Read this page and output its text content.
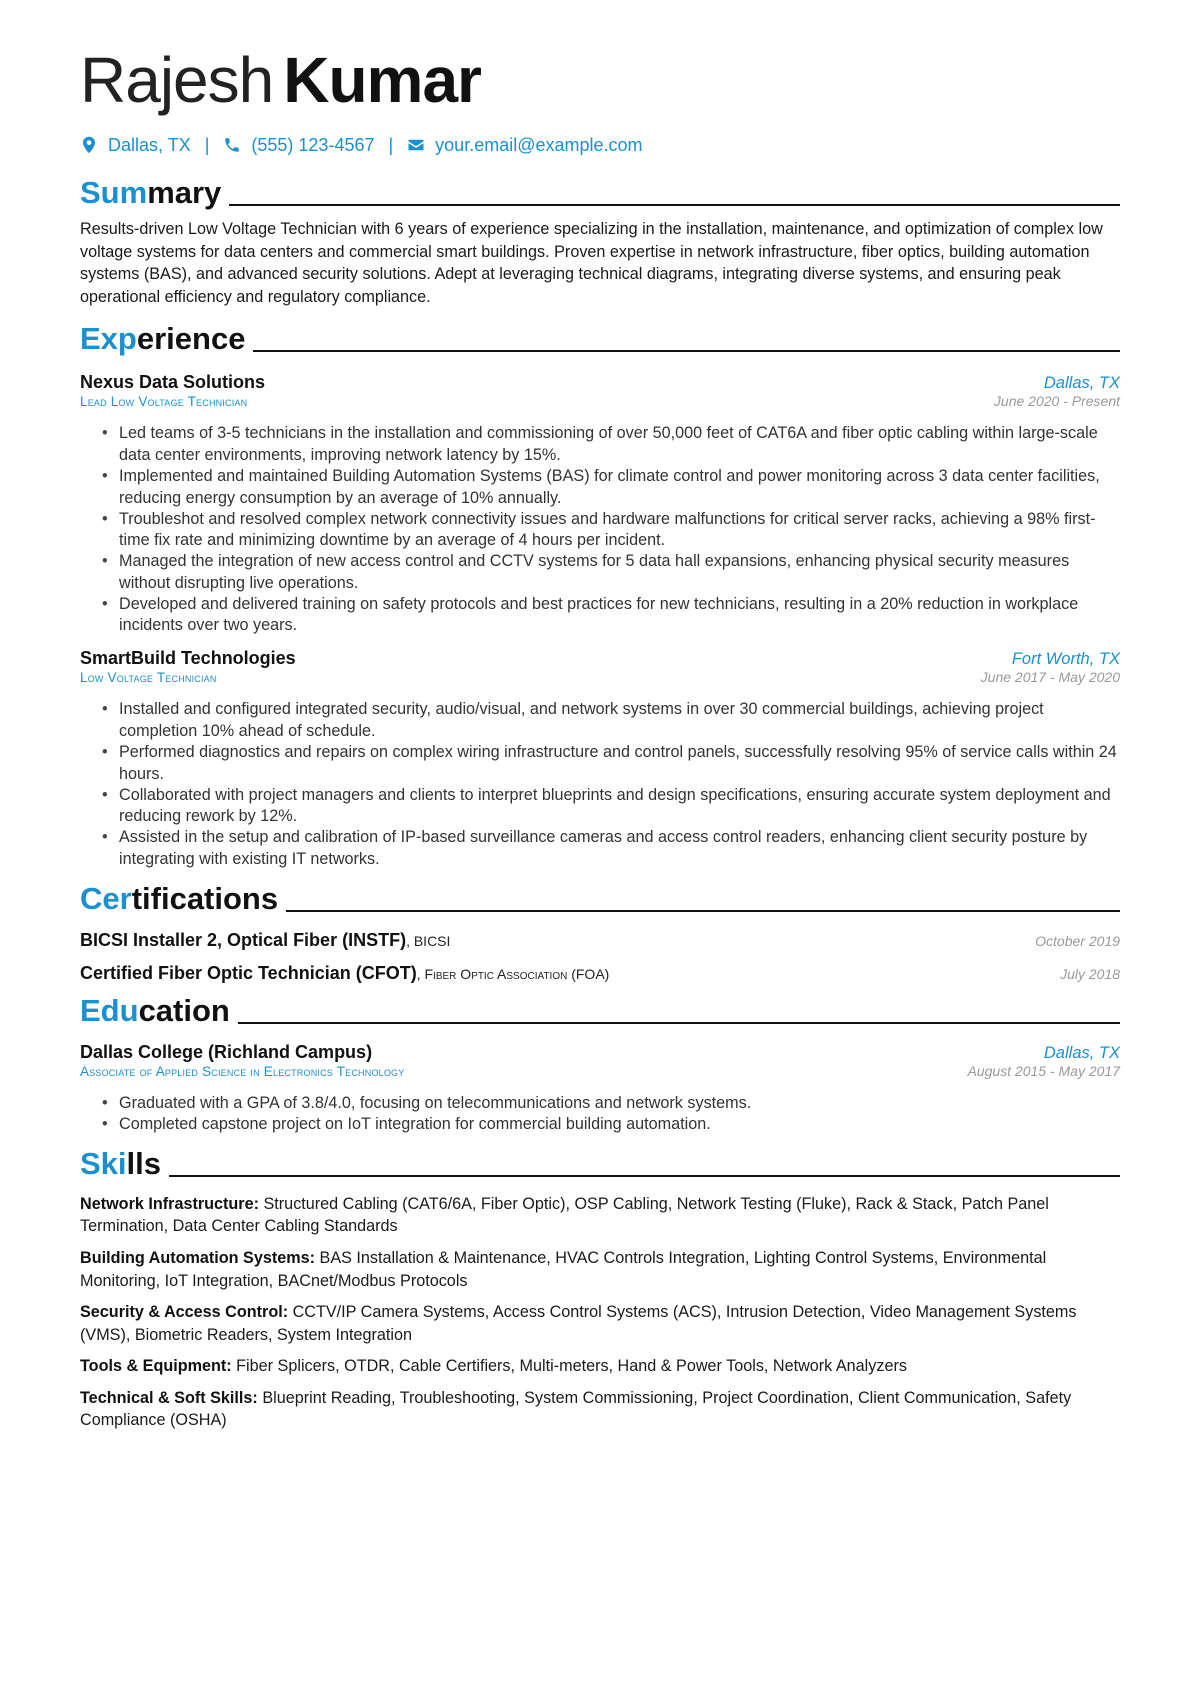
Rajesh Kumar
Dallas, TX | (555) 123-4567 | your.email@example.com
Summary

Results-driven Low Voltage Technician with 6 years of experience specializing in the installation, maintenance, and optimization of complex low voltage systems for data centers and commercial smart buildings. Proven expertise in network infrastructure, fiber optics, building automation systems (BAS), and advanced security solutions. Adept at leveraging technical diagrams, integrating diverse systems, and ensuring peak operational efficiency and regulatory compliance.

Experience
Nexus Data Solutions	Dallas, TX
Lead Low Voltage Technician	June 2020 - Present
• Led teams of 3-5 technicians in the installation and commissioning of over 50,000 feet of CAT6A and fiber optic cabling within large-scale data center environments, improving network latency by 15%.
• Implemented and maintained Building Automation Systems (BAS) for climate control and power monitoring across 3 data center facilities, reducing energy consumption by an average of 10% annually.
• Troubleshot and resolved complex network connectivity issues and hardware malfunctions for critical server racks, achieving a 98% first-time fix rate and minimizing downtime by an average of 4 hours per incident.
• Managed the integration of new access control and CCTV systems for 5 data hall expansions, enhancing physical security measures without disrupting live operations.
• Developed and delivered training on safety protocols and best practices for new technicians, resulting in a 20% reduction in workplace incidents over two years.
SmartBuild Technologies	Fort Worth, TX
Low Voltage Technician	June 2017 - May 2020
• Installed and configured integrated security, audio/visual, and network systems in over 30 commercial buildings, achieving project completion 10% ahead of schedule.
• Performed diagnostics and repairs on complex wiring infrastructure and control panels, successfully resolving 95% of service calls within 24 hours.
• Collaborated with project managers and clients to interpret blueprints and design specifications, ensuring accurate system deployment and reducing rework by 12%.
• Assisted in the setup and calibration of IP-based surveillance cameras and access control readers, enhancing client security posture by integrating with existing IT networks.
Certifications
BICSI Installer 2, Optical Fiber (INSTF), BICSI	October 2019
Certified Fiber Optic Technician (CFOT), Fiber Optic Association (FOA)	July 2018
Education
Dallas College (Richland Campus)	Dallas, TX
Associate of Applied Science in Electronics Technology	August 2015 - May 2017
• Graduated with a GPA of 3.8/4.0, focusing on telecommunications and network systems.
• Completed capstone project on IoT integration for commercial building automation.
Skills
Network Infrastructure: Structured Cabling (CAT6/6A, Fiber Optic), OSP Cabling, Network Testing (Fluke), Rack & Stack, Patch Panel Termination, Data Center Cabling Standards
Building Automation Systems: BAS Installation & Maintenance, HVAC Controls Integration, Lighting Control Systems, Environmental Monitoring, IoT Integration, BACnet/Modbus Protocols
Security & Access Control: CCTV/IP Camera Systems, Access Control Systems (ACS), Intrusion Detection, Video Management Systems (VMS), Biometric Readers, System Integration
Tools & Equipment: Fiber Splicers, OTDR, Cable Certifiers, Multi-meters, Hand & Power Tools, Network Analyzers
Technical & Soft Skills: Blueprint Reading, Troubleshooting, System Commissioning, Project Coordination, Client Communication, Safety Compliance (OSHA)
